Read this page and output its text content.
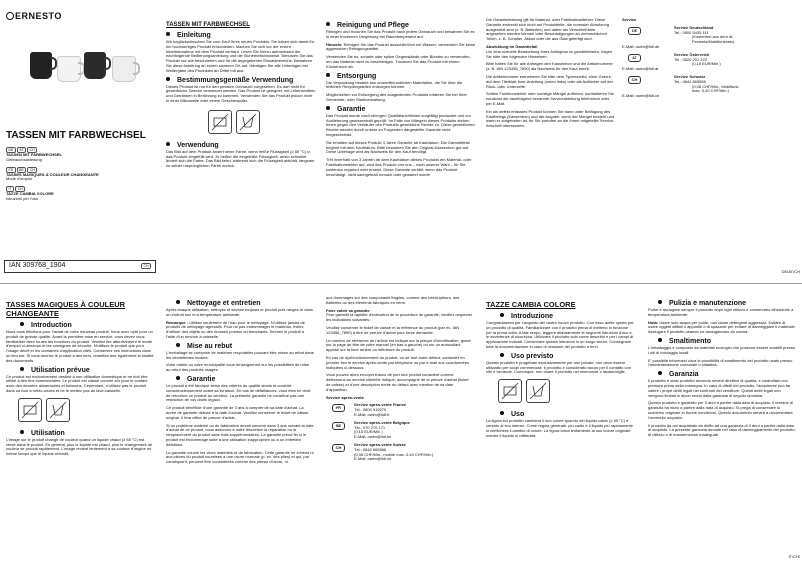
ERNESTO
TASSEN MIT FARBWECHSEL
DE AT CH
TASSEN MIT FARBWECHSEL
Gebrauchsanleitung
FR BE CH
TASSES MAGIQUES À COULEUR CHANGEANTE
Mode d'emploi
IT CH
TAZZE CAMBIA COLORE
Istruzioni per l'uso
IAN 309768_1904	CH
TASSEN MIT FARBWECHSEL
Einleitung

Wir beglückwünschen Sie zum Kauf Ihres neuen Produkts. Sie haben sich damit für ein hochwertiges Produkt entschieden. Machen Sie sich vor der ersten Inbetriebnahme mit dem Produkt vertraut. Lesen Sie hierzu aufmerksam die nachfolgende Bedienungsanleitung und die Sicherheitshinweise. Benutzen Sie das Produkt nur wie beschrieben und für die angegebenen Einsatzbereiche. Bewahren Sie diese Anleitung an einem sicheren Ort auf. Händigen Sie alle Unterlagen bei Weitergabe des Produktes an Dritte mit aus.

Bestimmungsgemäße Verwendung

Dieses Produkt ist nur für den privaten Gebrauch vorgesehen. Es darf nicht für gewerbliche Zwecke verwendet werden. Das Produkt ist geeignet, mit Lebensmitteln und Getränken in Berührung zu kommen. Verwenden Sie das Produkt jedoch nicht in einer Mikrowelle oder einem Geschirrspüler.

Verwendung

Das Bild auf dem Produkt ändert seine Farbe, wenn heiße Flüssigkeit (≥ 55 °C) in das Produkt eingefüllt wird. Je heißer die eingefüllte Flüssigkeit, desto schneller ändert sich die Farbe. Das Bild kehrt, während sich die Flüssigkeit abkühlt, langsam zu seiner ursprünglichen Farbe zurück.

Reinigung und Pflege

Reinigen und trocknen Sie das Produkt nach jedem Gebrauch und bewahren Sie es in einer trockenen Umgebung bei Raumtemperatur auf.

Hinweis: Reinigen Sie das Produkt ausschließlich mit Wasser; verwenden Sie keine aggressiven Reinigungsmittel.

Verwenden Sie es, scharfe oder spitze Gegenstände oder Bürsten zu verwenden, um das Material nicht zu beschädigen. Trocknen Sie das Produkt mit einem Küchentuch ab.

Entsorgung

Die Verpackung besteht aus umweltfreundlichen Materialien, die Sie über die örtlichen Recyclingstellen entsorgen können.

Möglichkeiten zur Entsorgung des ausgedienten Produkts erfahren Sie bei Ihrer Gemeinde- oder Stadtverwaltung.

Garantie

Das Produkt wurde nach strengen Qualitätsrichtlinien sorgfältig produziert und vor Auslieferung gewissenhaft geprüft. Im Falle von Mängeln dieses Produkts stehen Ihnen gegen den Verkäufer des Produkts gesetzliche Rechte zu. Diese gesetzlichen Rechte werden durch unsere im Folgenden dargestellte Garantie nicht eingeschränkt.

Sie erhalten auf dieses Produkt 3 Jahre Garantie ab Kaufdatum. Die Garantiefrist beginnt mit dem Kaufdatum. Bitte bewahren Sie den Original-Kassenbon gut auf. Diese Unterlage wird als Nachweis für den Kauf benötigt.

Tritt innerhalb von 3 Jahren ab dem Kaufdatum dieses Produkts ein Material- oder Fabrikationsfehler auf, wird das Produkt von uns – nach unserer Wahl – für Sie kostenlos repariert oder ersetzt. Diese Garantie verfällt, wenn das Produkt beschädigt, nicht sachgemäß benutzt oder gewartet wurde.

Die Garantieleistung gilt für Material- oder Fabrikationsfehler. Diese Garantie erstreckt sich nicht auf Produktteile, die normaler Abnutzung ausgesetzt sind (z. B. Batterien) und daher als Verschleißteile angesehen werden können oder Beschädigungen an zerbrechlichen Teilen, z. B. Schalter, Akkus oder die aus Glas gefertigt sind.

Abwicklung im Garantiefall

Um eine schnelle Bearbeitung Ihres Anliegens zu gewährleisten, folgen Sie bitte den folgenden Hinweisen:

Bitte halten Sie für alle Anfragen den Kassenbon und die Artikelnummer (z. B. IAN 123456_7890) als Nachweis für den Kauf bereit.

Die Artikelnummer entnehmen Sie bitte dem Typenschild, einer Gravur, auf dem Titelblatt Ihrer Anleitung (unten links) oder als Aufkleber auf der Rück- oder Unterseite.

Sollten Funktionsfehler oder sonstige Mängel auftreten, kontaktieren Sie zunächst die nachfolgend benannte Serviceabteilung telefonisch oder per E-Mail.

Ein als defekt erfasstes Produkt können Sie dann unter Beifügung des Kaufbelegs (Kassenbon) und der Angabe, worin der Mangel besteht und wann er aufgetreten ist, für Sie portofrei an die Ihnen mitgeteilte Service-Anschrift übersenden.

Service
DE
Service Deutschland
Tel.: 0800 5435 111
(Kostenfrei aus dem dt. Festnetz/Mobilfunknetz)
E-Mail: owim@lidl.de
AT
Service Österreich
Tel.: 0820 201 222
(0,15 EUR/Min.)
E-Mail: owim@lidl.at
CH
Service Schweiz
Tel.: 0842 665566
(0,08 CHF/Min., Mobilfunk max. 0,40 CHF/Min.)
E-Mail: owim@lidl.ch
DE/AT/CH
TASSES MAGIQUES À COULEUR CHANGEANTE
Introduction

Nous vous félicitons pour l'achat de votre nouveau produit. Vous avez opté pour un produit de grande qualité. Avant la première mise en service, vous devez vous familiariser avec toutes les fonctions du produit. Veuillez lire attentivement le mode d'emploi ci-dessous et les consignes de sécurité. N'utilisez le produit que pour l'usage décrit et les domaines d'application cités. Conservez ces instructions dans un lieu sûr. Si vous donnez le produit à des tiers, remettez-leur également la totalité des documents.

Utilisation prévue

Ce produit est exclusivement destiné à une utilisation domestique et ne doit être utilisé à des fins commerciales. Le produit est classé comme sûr pour le contact avec des denrées alimentaires et boissons. Cependant, n'utilisez pas le produit dans un four à micro-ondes et ne le mettez pas au lave-vaisselle.

Utilisation

L'image sur le produit change de couleur quand un liquide chaud (≥ 55 °C) est versé dans le produit. En général, plus le liquide est chaud, plus le changement de couleur se produit rapidement. L'image revient lentement à sa couleur d'origine en même temps que le liquide refroidit.

Nettoyage et entretien

Après chaque utilisation, nettoyez et séchez toujours le produit puis rangez-le dans un endroit sec et à température ambiante.

Remarque : Utilisez seulement de l'eau pour le nettoyage. N'utilisez jamais de produits de nettoyage agressifs. Pour ne pas endommager le matériau, évitez d'utiliser des objets ou des brosses pointus ou tranchants. Séchez le produit à l'aide d'un torchon à vaisselle.

Mise au rebut

L'emballage se compose de matières recyclables pouvant être mises au rebut dans les déchetteries locales.

Votre mairie ou votre municipalité vous renseigneront sur les possibilités de mise au rebut des produits usagés.

Garantie

Le produit a été fabriqué selon des critères de qualité stricts et contrôlé consciencieusement avant sa livraison. En cas de défaillances, vous êtes en droit de retourner ce produit au vendeur. La présente garantie ne constitue pas une restriction de vos droits légaux.

Ce produit bénéficie d'une garantie de 3 ans à compter de sa date d'achat. La durée de garantie débute à la date d'achat. Veuillez conserver le ticket de caisse original. Il fera office de preuve d'achat.

Si un problème matériel ou de fabrication devait survenir dans 3 ans suivant la date d'achat de ce produit, nous assurons à notre discrétion la réparation ou le remplacement du produit sans frais supplémentaires. La garantie prend fin si le produit est endommagé suite à une utilisation inappropriée ou à un entretien défaillant.

La garantie couvre les vices matériels et de fabrication. Cette garantie ne s'étend ni aux pièces du produit soumises à une usure normale (p. ex. des piles) et qui, par conséquent, peuvent être considérées comme des pièces d'usure, ni

aux dommages sur des composants fragiles, comme des interrupteurs, des batteries ou des éléments fabriqués en verre.

Faire valoir sa garantie

Pour garantir la rapidité d'exécution de la procédure de garantie, veuillez respecter les indications suivantes :

Veuillez conserver le ticket de caisse et la référence du produit (par ex. IAN 123456_7890) à titre de preuve d'achat pour toute demande.

Le numéro de référence de l'article est indiqué sur la plaque d'identification, gravé sur la page de titre de votre manuel (en bas à gauche) ou sur un autocollant apposé sur la face arrière ou inférieure du produit.

En cas de dysfonctionnement du produit, ou de tout autre défaut, contactez en premier lieu le service après-vente par téléphone ou par e-mail aux coordonnées indiquées ci-dessous.

Vous pouvez alors envoyer franco de port tout produit considéré comme défectueux au service clientèle indiqué, accompagné de la preuve d'achat (ticket de caisse) et d'une description écrite du défaut avec mention de sa date d'apparition.

Service après-vente
FR
Service après-vente France
Tél.: 0800 919270
E-Mail: owim@lidl.fr
BE
Service après-vente Belgique
Tél.: 070 270 171
(0,15 EUR/Min.)
E-Mail: owim@lidl.be
CH
Service après-vente Suisse
Tél.: 0842 665566
(0,08 CHF/Min., mobile max. 0,40 CHF/Min.)
E-Mail: owim@lidl.ch
TAZZE CAMBIA COLORE
Introduzione

Congratulazioni per l'acquisto del vostro nuovo prodotto. Con esso avete optato per un prodotto di qualità. Familiarizzare con il prodotto prima di metterlo in funzione per la prima volta. A tale scopo, leggere attentamente le seguenti istruzioni d'uso e le avvertenze di sicurezza. Utilizzare il prodotto solo come descritto e per i campi di applicazione indicati. Conservare queste istruzioni in un luogo sicuro. Consegnare tutta la documentazione in caso di cessione del prodotto a terzi.

Uso previsto

Questo prodotto è progettato esclusivamente per uso privato; non deve essere utilizzato per scopi commerciali. Il prodotto è considerato sicuro per il contatto con cibi e bevande. Comunque, non usare il prodotto nel microonde o lavastoviglie.

Uso

La figura sul prodotto cambierà il suo colore quando del liquido caldo (≥ 55 °C) è versato al suo interno. Come regola generale, più caldo è il liquido più rapidamente si verificherà il cambio di colore. La figura torna lentamente al suo colore originale mentre il liquido si raffredda.

Pulizia e manutenzione

Pulire e asciugare sempre il prodotto dopo ogni utilizzo e conservarlo all'asciutto a temperatura ambiente.

Nota: Usare solo acqua per pulire, non usare detergenti aggressivi. Evitare di usare oggetti affilati o appuntiti o di spazzole per evitare di danneggiare il materiale. Asciugare il prodotto usando un asciugamano da cucina.

Smaltimento

L'imballaggio è composto da materiali ecologici che possono essere smaltiti presso i siti di riciclaggio locali.

E' possibile informarsi circa le possibilità di smaltimento del prodotto usato presso l'amministrazione comunale o cittadina.

Garanzia

Il prodotto è stato prodotto secondo severe direttive di qualità, e controllato con premura prima della consegna. In caso di difetti del prodotto, l'acquirente può far valere i propri diritti legali nei confronti del venditore. Questi diritti legali non vengono limitati in alcun modo dalla garanzia di seguito riportata.

Questo prodotto è garantito per 3 anni a partire dalla data di acquisto. Il termine di garanzia ha inizio a partire dalla data di acquisto. Si prega di conservare lo scontrino originale in buone condizioni. Questo documento servirà a documentare l'avvenuto acquisto.

Il prodotto da noi acquistato dà diritto ad una garanzia di 3 anni a partire dalla data di acquisto. La presente garanzia decade nel caso di danneggiamento del prodotto, di utilizzo o di manutenzione inadeguati.

IT/CH/
